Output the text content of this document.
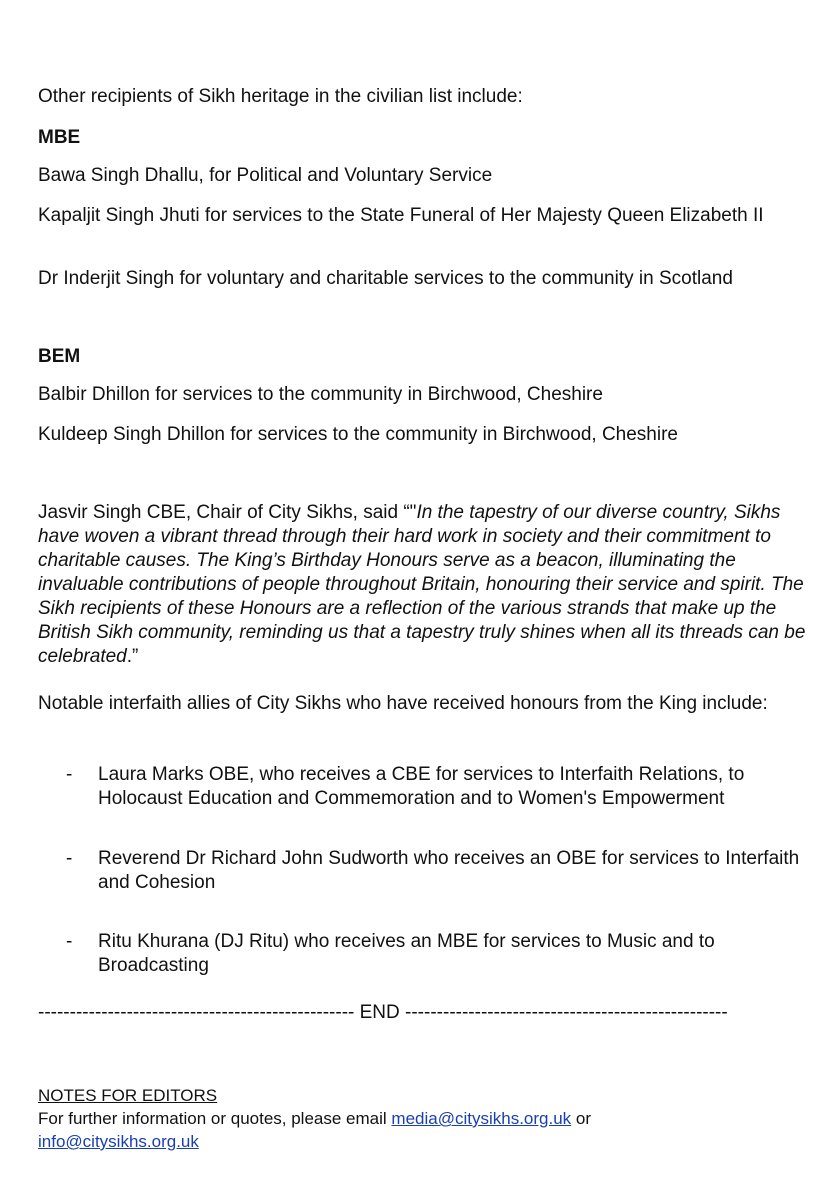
Other recipients of Sikh heritage in the civilian list include:

MBE

Bawa Singh Dhallu, for Political and Voluntary Service

Kapaljit Singh Jhuti for services to the State Funeral of Her Majesty Queen Elizabeth II

Dr Inderjit Singh for voluntary and charitable services to the community in Scotland

BEM

Balbir Dhillon for services to the community in Birchwood, Cheshire

Kuldeep Singh Dhillon for services to the community in Birchwood, Cheshire

Jasvir Singh CBE, Chair of City Sikhs, said “"In the tapestry of our diverse country, Sikhs have woven a vibrant thread through their hard work in society and their commitment to charitable causes. The King’s Birthday Honours serve as a beacon, illuminating the invaluable contributions of people throughout Britain, honouring their service and spirit. The Sikh recipients of these Honours are a reflection of the various strands that make up the British Sikh community, reminding us that a tapestry truly shines when all its threads can be celebrated.”

Notable interfaith allies of City Sikhs who have received honours from the King include:

- Laura Marks OBE, who receives a CBE for services to Interfaith Relations, to Holocaust Education and Commemoration and to Women's Empowerment
- Reverend Dr Richard John Sudworth who receives an OBE for services to Interfaith and Cohesion
- Ritu Khurana (DJ Ritu) who receives an MBE for services to Music and to Broadcasting
-------------------------------------------------- END ---------------------------------------------------
NOTES FOR EDITORS
For further information or quotes, please email media@citysikhs.org.uk or
info@citysikhs.org.uk
